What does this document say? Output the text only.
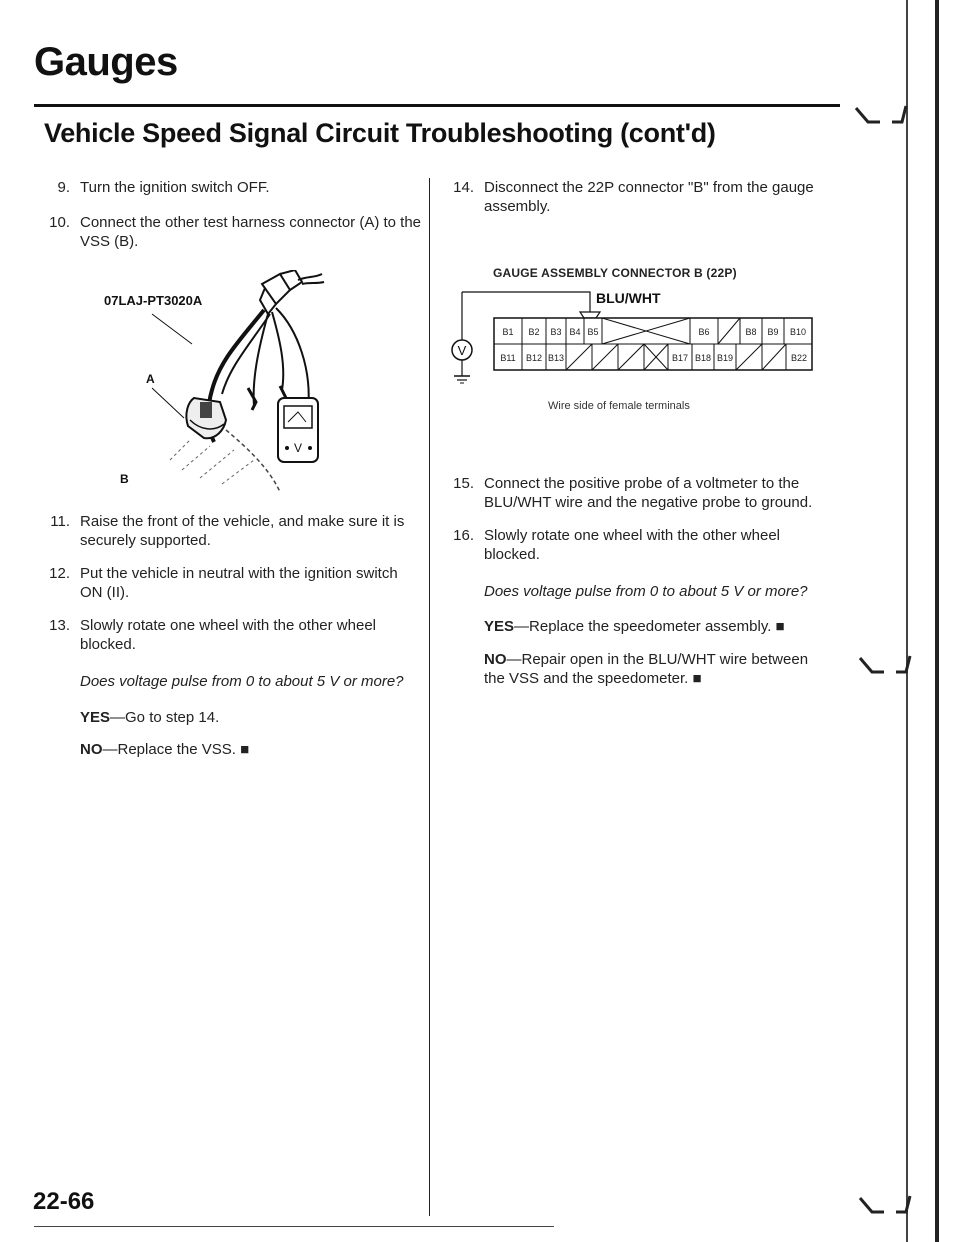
Gauges
Vehicle Speed Signal Circuit Troubleshooting (cont'd)
9. Turn the ignition switch OFF.
10. Connect the other test harness connector (A) to the
VSS (B).
V
07LAJ-PT3020A
A
B
11. Raise the front of the vehicle, and make sure it is
securely supported.
12. Put the vehicle in neutral with the ignition switch
ON (II).
13. Slowly rotate one wheel with the other wheel
blocked.
Does voltage pulse from 0 to about 5 V or more?
YES—Go to step 14.
NO—Replace the VSS. ■
14. Disconnect the 22P connector "B" from the gauge
assembly.
GAUGE ASSEMBLY CONNECTOR B (22P)
V
B1 B2 B3 B4 B5	B6	B8 B9 B10
B11 B12 B13	B17 B18 B19	B22
BLU/WHT
Wire side of female terminals
15. Connect the positive probe of a voltmeter to the
BLU/WHT wire and the negative probe to ground.
16. Slowly rotate one wheel with the other wheel
blocked.
Does voltage pulse from 0 to about 5 V or more?
YES—Replace the speedometer assembly. ■
NO—Repair open in the BLU/WHT wire between
the VSS and the speedometer. ■
22-66
